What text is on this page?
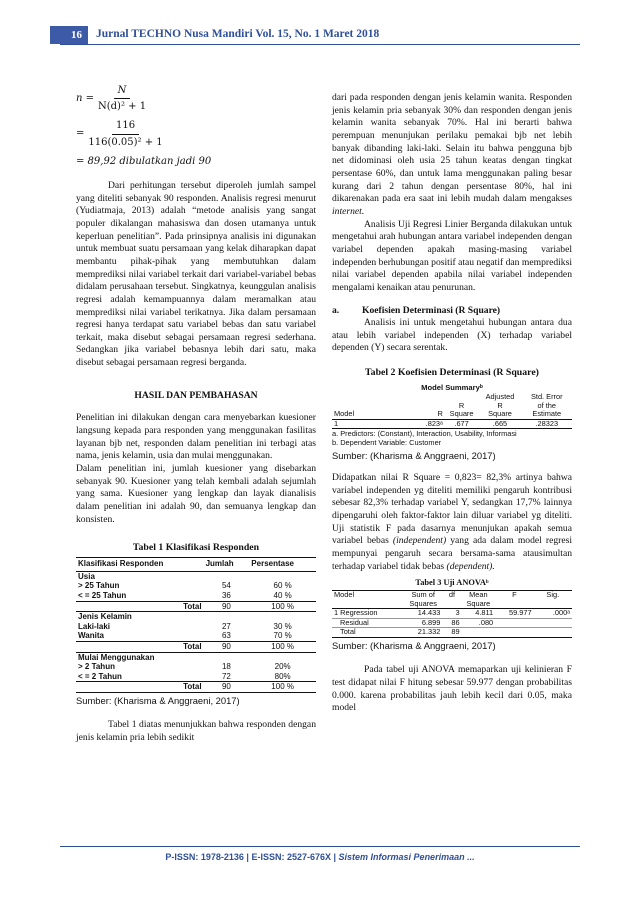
16	Jurnal TECHNO Nusa Mandiri Vol. 15, No. 1 Maret 2018
$n = \frac{N}{\text{N(d)² + 1}}$
= $\frac{116}{\text{116(0.05)² + 1}}$
= 89,92 dibulatkan jadi 90

Dari perhitungan tersebut diperoleh jumlah sampel yang diteliti sebanyak 90 responden. Analisis regresi menurut (Yudiatmaja, 2013) adalah “metode analisis yang sangat populer dikalangan mahasiswa dan dosen utamanya untuk keperluan penelitian”. Pada prinsipnya analisis ini digunakan untuk membuat suatu persamaan yang kelak diharapkan dapat membantu pihak-pihak yang membutuhkan dalam memprediksi nilai variabel terkait dari variabel-variabel bebas didalam perusahaan tersebut. Singkatnya, keunggulan analisis regresi adalah kemampuannya dalam meramalkan atau memprediksi nilai variabel terikatnya. Jika dalam persamaan regresi hanya terdapat satu variabel bebas dan satu variabel terkait, maka disebut sebagai persamaan regresi sederhana. Sedangkan jika variabel bebasnya lebih dari satu, maka disebut sebagai persamaan regresi berganda.

HASIL DAN PEMBAHASAN

Penelitian ini dilakukan dengan cara menyebarkan kuesioner langsung kepada para responden yang menggunakan fasilitas layanan bjb net, responden dalam penelitian ini terbagi atas nama, jenis kelamin, usia dan mulai menggunakan.

Dalam penelitian ini, jumlah kuesioner yang disebarkan sebanyak 90. Kuesioner yang telah kembali adalah sejumlah yang sama. Kuesioner yang lengkap dan layak dianalisis dalam penelitian ini adalah 90, dan semuanya lengkap dan konsisten.

Tabel 1 Klasifikasi Responden
Klasifikasi Responden	Jumlah	Persentase
Usia		
> 25 Tahun	54	60 %
< = 25 Tahun	36	40 %
Total	90	100 %
Jenis Kelamin		
Laki-laki	27	30 %
Wanita	63	70 %
Total	90	100 %
Mulai Menggunakan		
> 2 Tahun	18	20%
< = 2 Tahun	72	80%
Total	90	100 %
Sumber: (Kharisma & Anggraeni, 2017)

Tabel 1 diatas menunjukkan bahwa responden dengan jenis kelamin pria lebih sedikit

dari pada responden dengan jenis kelamin wanita. Responden jenis kelamin pria sebanyak 30% dan responden dengan jenis kelamin wanita sebanyak 70%. Hal ini berarti bahwa perempuan menunjukan perilaku pemakai bjb net lebih banyak dibanding laki-laki. Selain itu bahwa pengguna bjb net didominasi oleh usia 25 tahun keatas dengan tingkat persentase 60%, dan untuk lama menggunakan paling besar kurang dari 2 tahun dengan persentase 80%, hal ini dikarenakan pada era saat ini lebih mudah dalam mengakses internet.

Analisis Uji Regresi Linier Berganda dilakukan untuk mengetahui arah hubungan antara variabel independen dengan variabel dependen apakah masing-masing variabel independen berhubungan positif atau negatif dan memprediksi nilai variabel dependen apabila nilai variabel independen mengalami kenaikan atau penurunan.

a.	Koefisien Determinasi (R Square)

Analisis ini untuk mengetahui hubungan antara dua atau lebih variabel independen (X) terhadap variabel dependen (Y) secara serentak.

Tabel 2 Koefisien Determinasi (R Square)
Model Summaryᵇ
			Adjusted	Std. Error
		R	R	of the
Model	R	Square	Square	Estimate
1	.823ᵃ	.677	.665	.28323
a. Predictors: (Constant), Interaction, Usability, Informasi
b. Dependent Variable: Customer
Sumber: (Kharisma & Anggraeni, 2017)

Didapatkan nilai R Square = 0,823= 82,3% artinya bahwa variabel independen yg diteliti memiliki pengaruh kontribusi sebesar 82,3% terhadap variabel Y, sedangkan 17,7% lainnya dipengaruhi oleh faktor-faktor lain diluar variabel yg diteliti. Uji statistik F pada dasarnya menunjukan apakah semua variabel bebas (independent) yang ada dalam model regresi mempunyai pengaruh secara bersama-sama atausimultan terhadap variabel tidak bebas (dependent).

Tabel 3 Uji ANOVAᵇ
Model	Sum of	df	Mean	F	Sig.
	Squares		Square		
1 Regression	14.433	3	4.811	59.977	.000ᵃ
Residual	6.899	86	.080		
Total	21.332	89			
Sumber: (Kharisma & Anggraeni, 2017)

Pada tabel uji ANOVA memaparkan uji kelinieran F test didapat nilai F hitung sebesar 59.977 dengan probabilitas 0.000. karena probabilitas jauh lebih kecil dari 0.05, maka model

P-ISSN: 1978-2136 | E-ISSN: 2527-676X | Sistem Informasi Penerimaan ...
